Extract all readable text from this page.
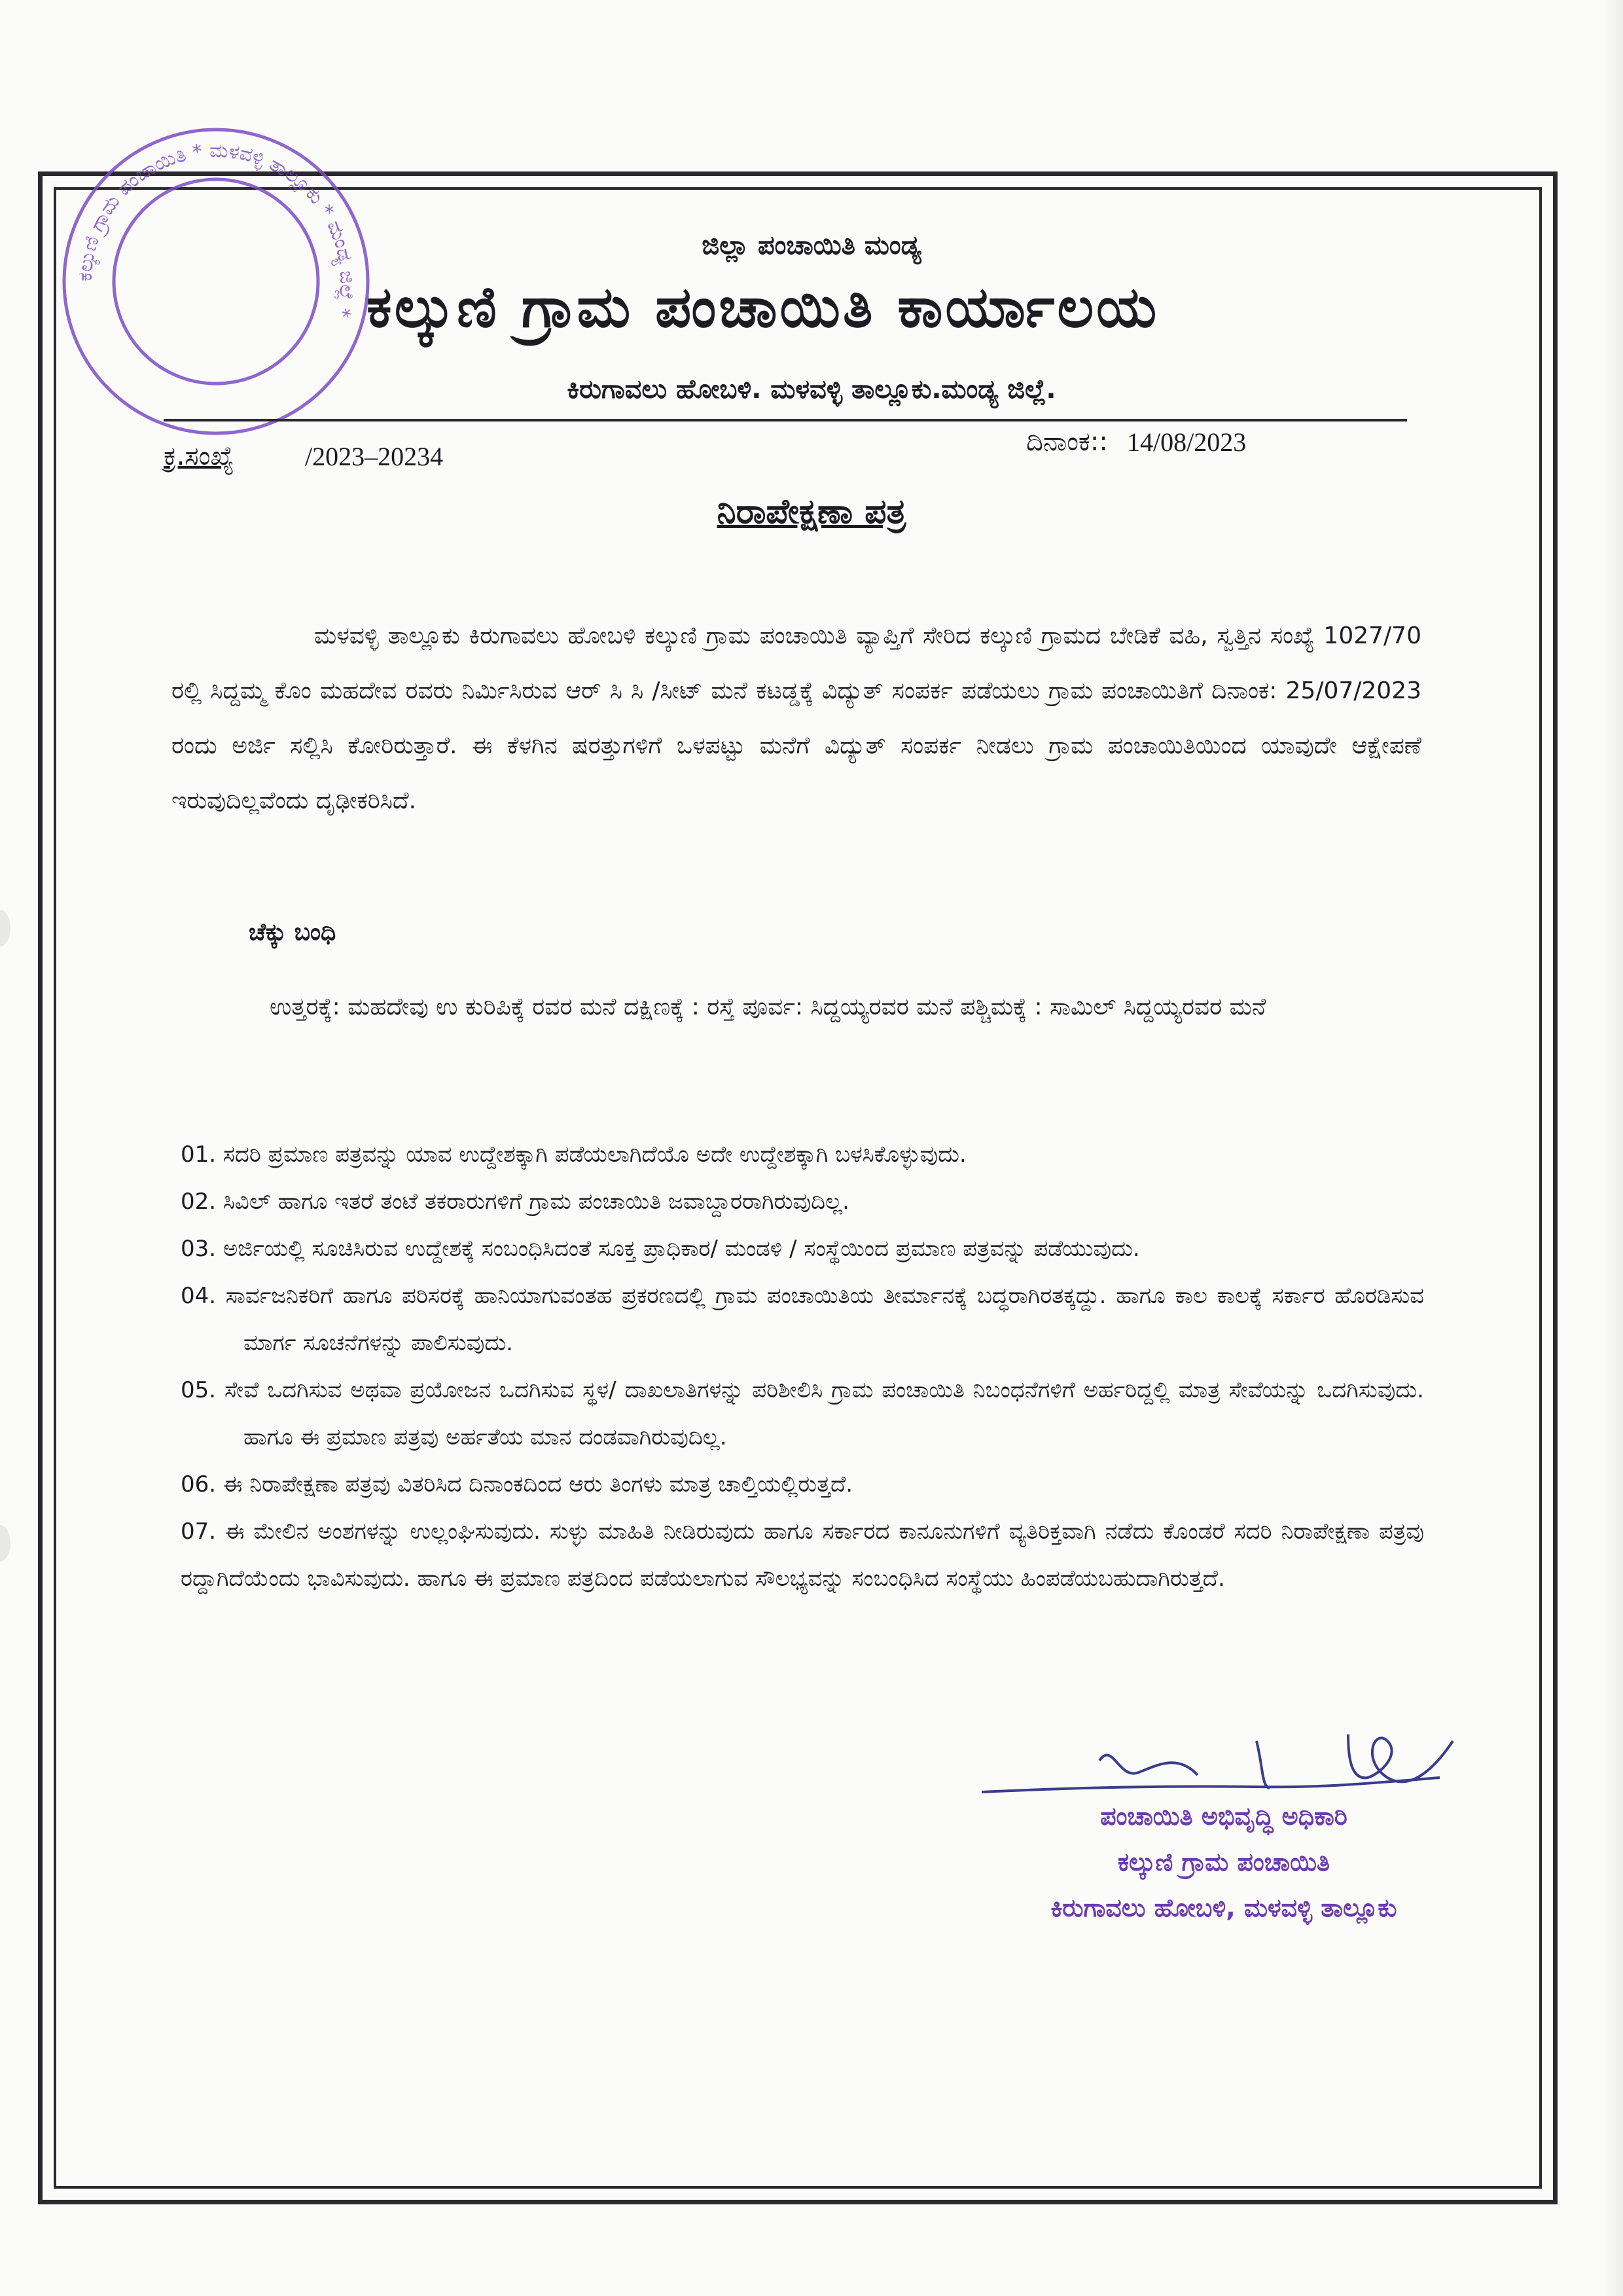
ಕಲ್ಕುಣಿ ಗ್ರಾಮ ಪಂಚಾಯಿತಿ * ಮಳವಳ್ಳಿ ತಾಲ್ಲೂಕು * ಮಂಡ್ಯ ಜಿಲ್ಲೆ *
ಜಿಲ್ಲಾ ಪಂಚಾಯಿತಿ ಮಂಡ್ಯ
ಕಲ್ಕುಣಿ ಗ್ರಾಮ ಪಂಚಾಯಿತಿ ಕಾರ್ಯಾಲಯ
ಕಿರುಗಾವಲು ಹೋಬಳಿ. ಮಳವಳ್ಳಿ ತಾಲ್ಲೂಕು.ಮಂಡ್ಯ ಜಿಲ್ಲೆ.
ಕ್ರ.ಸಂಖ್ಯೆ	/2023–20234	ದಿನಾಂಕ:: 14/08/2023
ನಿರಾಪೇಕ್ಷಣಾ ಪತ್ರ

ಮಳವಳ್ಳಿ ತಾಲ್ಲೂಕು ಕಿರುಗಾವಲು ಹೋಬಳಿ ಕಲ್ಕುಣಿ ಗ್ರಾಮ ಪಂಚಾಯಿತಿ ವ್ಯಾಪ್ತಿಗೆ ಸೇರಿದ ಕಲ್ಕುಣಿ ಗ್ರಾಮದ ಬೇಡಿಕೆ ವಹಿ, ಸ್ವತ್ತಿನ ಸಂಖ್ಯೆ 1027/70 ರಲ್ಲಿ ಸಿದ್ದಮ್ಮ ಕೊಂ ಮಹದೇವ ರವರು ನಿರ್ಮಿಸಿರುವ ಆರ್ ಸಿ ಸಿ /ಸೀಟ್ ಮನೆ ಕಟಡ್ಡಕ್ಕೆ ವಿದ್ಯುತ್ ಸಂಪರ್ಕ ಪಡೆಯಲು ಗ್ರಾಮ ಪಂಚಾಯಿತಿಗೆ ದಿನಾಂಕ: 25/07/2023 ರಂದು ಅರ್ಜಿ ಸಲ್ಲಿಸಿ ಕೋರಿರುತ್ತಾರೆ. ಈ ಕೆಳಗಿನ ಷರತ್ತುಗಳಿಗೆ ಒಳಪಟ್ಟು ಮನೆಗೆ ವಿದ್ಯುತ್ ಸಂಪರ್ಕ ನೀಡಲು ಗ್ರಾಮ ಪಂಚಾಯಿತಿಯಿಂದ ಯಾವುದೇ ಆಕ್ಷೇಪಣೆ ಇರುವುದಿಲ್ಲವೆಂದು ದೃಢೀಕರಿಸಿದೆ.

ಚೆಕ್ಕು ಬಂಧಿ

ಉತ್ತರಕ್ಕೆ: ಮಹದೇವು ಉ ಕುರಿಪಿಕ್ಕೆ ರವರ ಮನೆ ದಕ್ಷಿಣಕ್ಕೆ : ರಸ್ತೆ ಪೂರ್ವ: ಸಿದ್ದಯ್ಯರವರ ಮನೆ ಪಶ್ಚಿಮಕ್ಕೆ : ಸಾಮಿಲ್ ಸಿದ್ದಯ್ಯರವರ ಮನೆ

01. ಸದರಿ ಪ್ರಮಾಣ ಪತ್ರವನ್ನು ಯಾವ ಉದ್ದೇಶಕ್ಕಾಗಿ ಪಡೆಯಲಾಗಿದೆಯೊ ಅದೇ ಉದ್ದೇಶಕ್ಕಾಗಿ ಬಳಸಿಕೊಳ್ಳುವುದು.
02. ಸಿವಿಲ್ ಹಾಗೂ ಇತರೆ ತಂಟೆ ತಕರಾರುಗಳಿಗೆ ಗ್ರಾಮ ಪಂಚಾಯಿತಿ ಜವಾಬ್ದಾರರಾಗಿರುವುದಿಲ್ಲ.
03. ಅರ್ಜಿಯಲ್ಲಿ ಸೂಚಿಸಿರುವ ಉದ್ದೇಶಕ್ಕೆ ಸಂಬಂಧಿಸಿದಂತೆ ಸೂಕ್ತ ಪ್ರಾಧಿಕಾರ/ ಮಂಡಳಿ / ಸಂಸ್ಥೆಯಿಂದ ಪ್ರಮಾಣ ಪತ್ರವನ್ನು ಪಡೆಯುವುದು.
04. ಸಾರ್ವಜನಿಕರಿಗೆ ಹಾಗೂ ಪರಿಸರಕ್ಕೆ ಹಾನಿಯಾಗುವಂತಹ ಪ್ರಕರಣದಲ್ಲಿ ಗ್ರಾಮ ಪಂಚಾಯಿತಿಯ ತೀರ್ಮಾನಕ್ಕೆ ಬದ್ಧರಾಗಿರತಕ್ಕದ್ದು. ಹಾಗೂ ಕಾಲ ಕಾಲಕ್ಕೆ ಸರ್ಕಾರ ಹೊರಡಿಸುವ ಮಾರ್ಗ ಸೂಚನೆಗಳನ್ನು ಪಾಲಿಸುವುದು.
05. ಸೇವೆ ಒದಗಿಸುವ ಅಥವಾ ಪ್ರಯೋಜನ ಒದಗಿಸುವ ಸ್ಥಳ/ ದಾಖಲಾತಿಗಳನ್ನು ಪರಿಶೀಲಿಸಿ ಗ್ರಾಮ ಪಂಚಾಯಿತಿ ನಿಬಂಧನೆಗಳಿಗೆ ಅರ್ಹರಿದ್ದಲ್ಲಿ ಮಾತ್ರ ಸೇವೆಯನ್ನು ಒದಗಿಸುವುದು. ಹಾಗೂ ಈ ಪ್ರಮಾಣ ಪತ್ರವು ಅರ್ಹತೆಯ ಮಾನ ದಂಡವಾಗಿರುವುದಿಲ್ಲ.
06. ಈ ನಿರಾಪೇಕ್ಷಣಾ ಪತ್ರವು ವಿತರಿಸಿದ ದಿನಾಂಕದಿಂದ ಆರು ತಿಂಗಳು ಮಾತ್ರ ಚಾಲ್ತಿಯಲ್ಲಿರುತ್ತದೆ.
07. ಈ ಮೇಲಿನ ಅಂಶಗಳನ್ನು ಉಲ್ಲಂಘಿಸುವುದು. ಸುಳ್ಳು ಮಾಹಿತಿ ನೀಡಿರುವುದು ಹಾಗೂ ಸರ್ಕಾರದ ಕಾನೂನುಗಳಿಗೆ ವ್ಯತಿರಿಕ್ತವಾಗಿ ನಡೆದು ಕೊಂಡರೆ ಸದರಿ ನಿರಾಪೇಕ್ಷಣಾ ಪತ್ರವು ರದ್ದಾಗಿದೆಯೆಂದು ಭಾವಿಸುವುದು. ಹಾಗೂ ಈ ಪ್ರಮಾಣ ಪತ್ರದಿಂದ ಪಡೆಯಲಾಗುವ ಸೌಲಭ್ಯವನ್ನು ಸಂಬಂಧಿಸಿದ ಸಂಸ್ಥೆಯು ಹಿಂಪಡೆಯಬಹುದಾಗಿರುತ್ತದೆ.
ಪಂಚಾಯಿತಿ ಅಭಿವೃದ್ಧಿ ಅಧಿಕಾರಿ
ಕಲ್ಕುಣಿ ಗ್ರಾಮ ಪಂಚಾಯಿತಿ
ಕಿರುಗಾವಲು ಹೋಬಳಿ, ಮಳವಳ್ಳಿ ತಾಲ್ಲೂಕು
